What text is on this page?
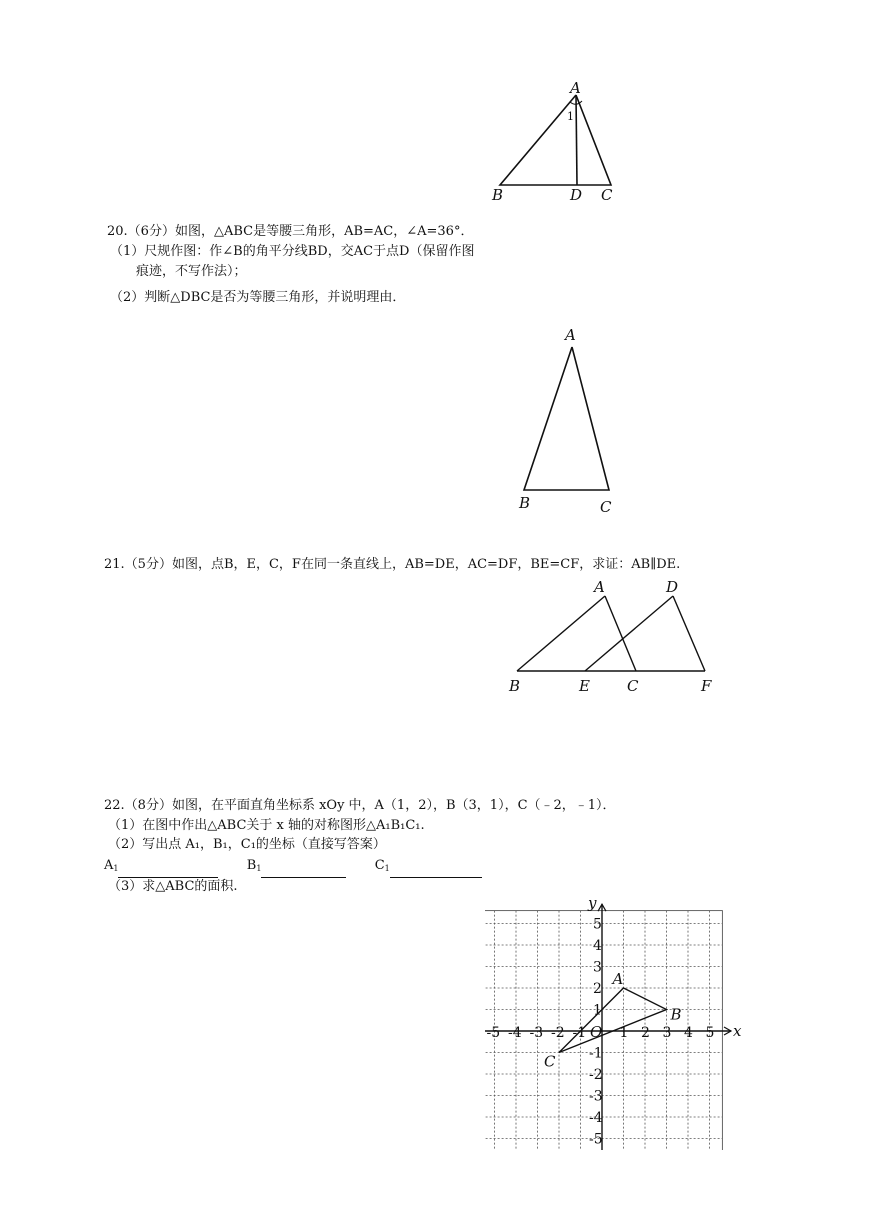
A
1
B	D C
20.（6分）如图，△ABC是等腰三角形，AB=AC，∠A=36°．
（1）尺规作图：作∠B的角平分线BD，交AC于点D（保留作图
痕迹，不写作法）；
（2）判断△DBC是否为等腰三角形，并说明理由．
A
B	C
21.（5分）如图，点B，E，C，F在同一条直线上，AB=DE，AC=DF，BE=CF，求证：AB∥DE.
A	D
B	E C	F
22.（8分）如图，在平面直角坐标系 xOy 中，A（1，2），B（3，1），C（﹣2，﹣1）．
（1）在图中作出△ABC关于 x 轴的对称图形△A₁B₁C₁.
（2）写出点 A₁，B₁，C₁的坐标（直接写答案）
$A_1$	$B_1$	$C_1$
（3）求△ABC的面积.
x
y
O
-5 -4 -3 -2 -1 1 2 3 4 5
5
4
3
2
1
-1
-2
-3
-4
-5
A
B
C
